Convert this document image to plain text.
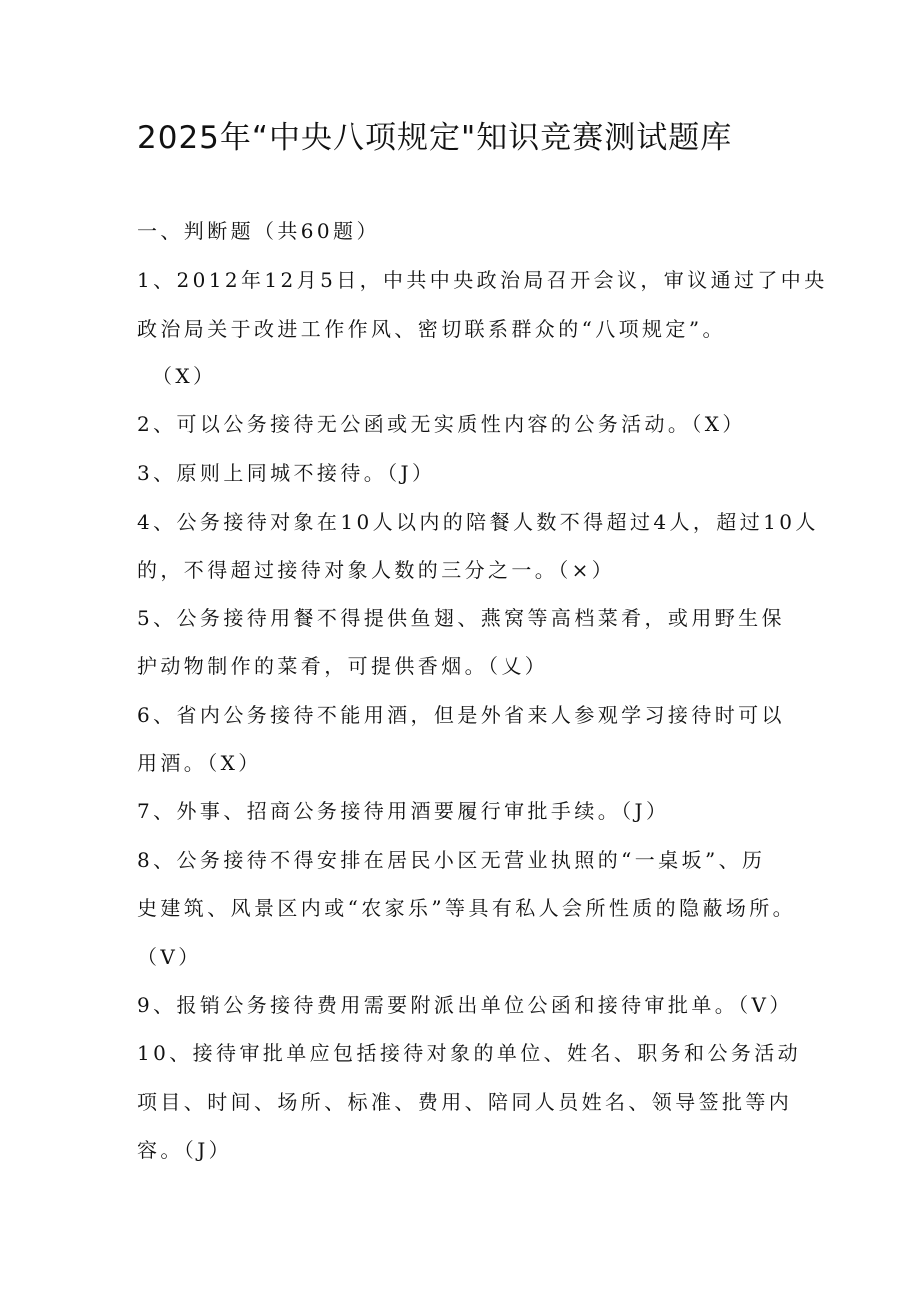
2025年“中央八项规定"知识竞赛测试题库

一、判断题（共60题）

1、2012年12月5日，中共中央政治局召开会议，审议通过了中央

政治局关于改进工作作风、密切联系群众的“八项规定”。

（X）

2、可以公务接待无公函或无实质性内容的公务活动。（X）

3、原则上同城不接待。（J）

4、公务接待对象在10人以内的陪餐人数不得超过4人，超过10人

的，不得超过接待对象人数的三分之一。（×）

5、公务接待用餐不得提供鱼翅、燕窝等高档菜肴，或用野生保

护动物制作的菜肴，可提供香烟。（乂）

6、省内公务接待不能用酒，但是外省来人参观学习接待时可以

用酒。（X）

7、外事、招商公务接待用酒要履行审批手续。（J）

8、公务接待不得安排在居民小区无营业执照的“一桌坂”、历

史建筑、风景区内或“农家乐”等具有私人会所性质的隐蔽场所。

（V）

9、报销公务接待费用需要附派出单位公函和接待审批单。（V）

10、接待审批单应包括接待对象的单位、姓名、职务和公务活动

项目、时间、场所、标准、费用、陪同人员姓名、领导签批等内

容。（J）
